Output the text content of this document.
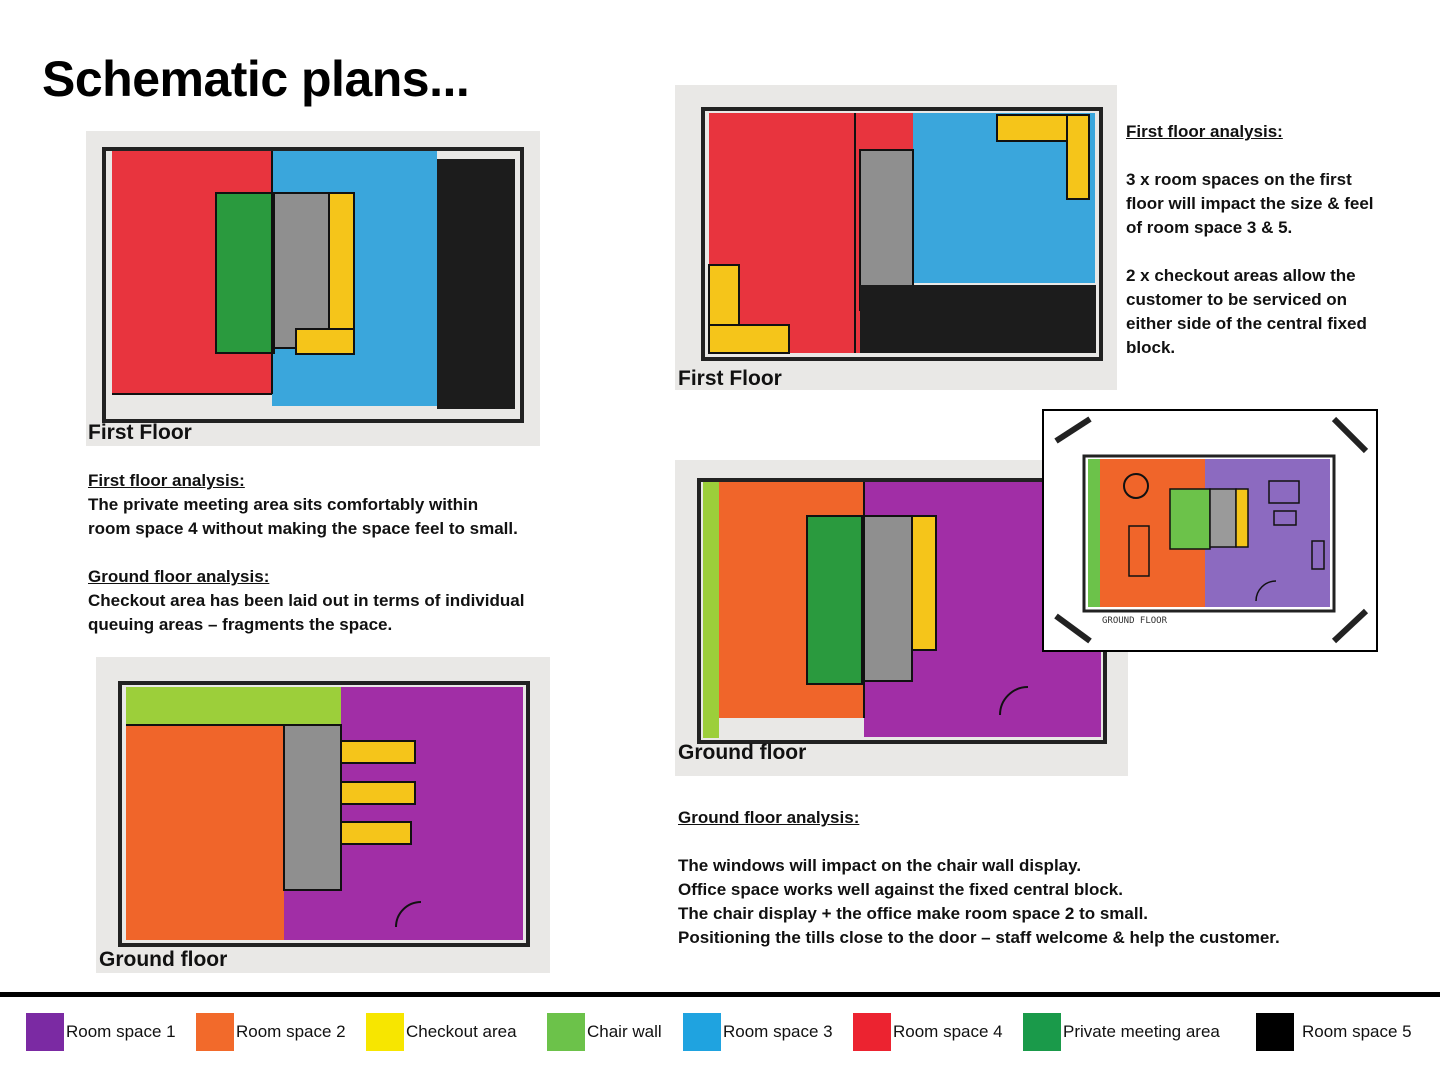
Schematic plans...
First Floor
First Floor
Ground floor
GROUND FLOOR
Ground floor
First floor analysis:
The private meeting area sits comfortably within
room space 4 without making the space feel to small.
Ground floor analysis:
Checkout area has been laid out in terms of individual
queuing areas – fragments the space.
First floor analysis:
3 x room spaces on the first
floor will impact the size & feel
of room space 3 & 5.
2 x checkout areas allow the
customer to be serviced on
either side of the central fixed
block.
Ground floor analysis:
The windows will impact on the chair wall display.
Office space works well against the fixed central block.
The chair display + the office make room space 2 to small.
Positioning the tills close to the door – staff welcome & help the customer.
Room space 1	Room space 2	Checkout area	Chair wall	Room space 3	Room space 4	Private meeting area	Room space 5
